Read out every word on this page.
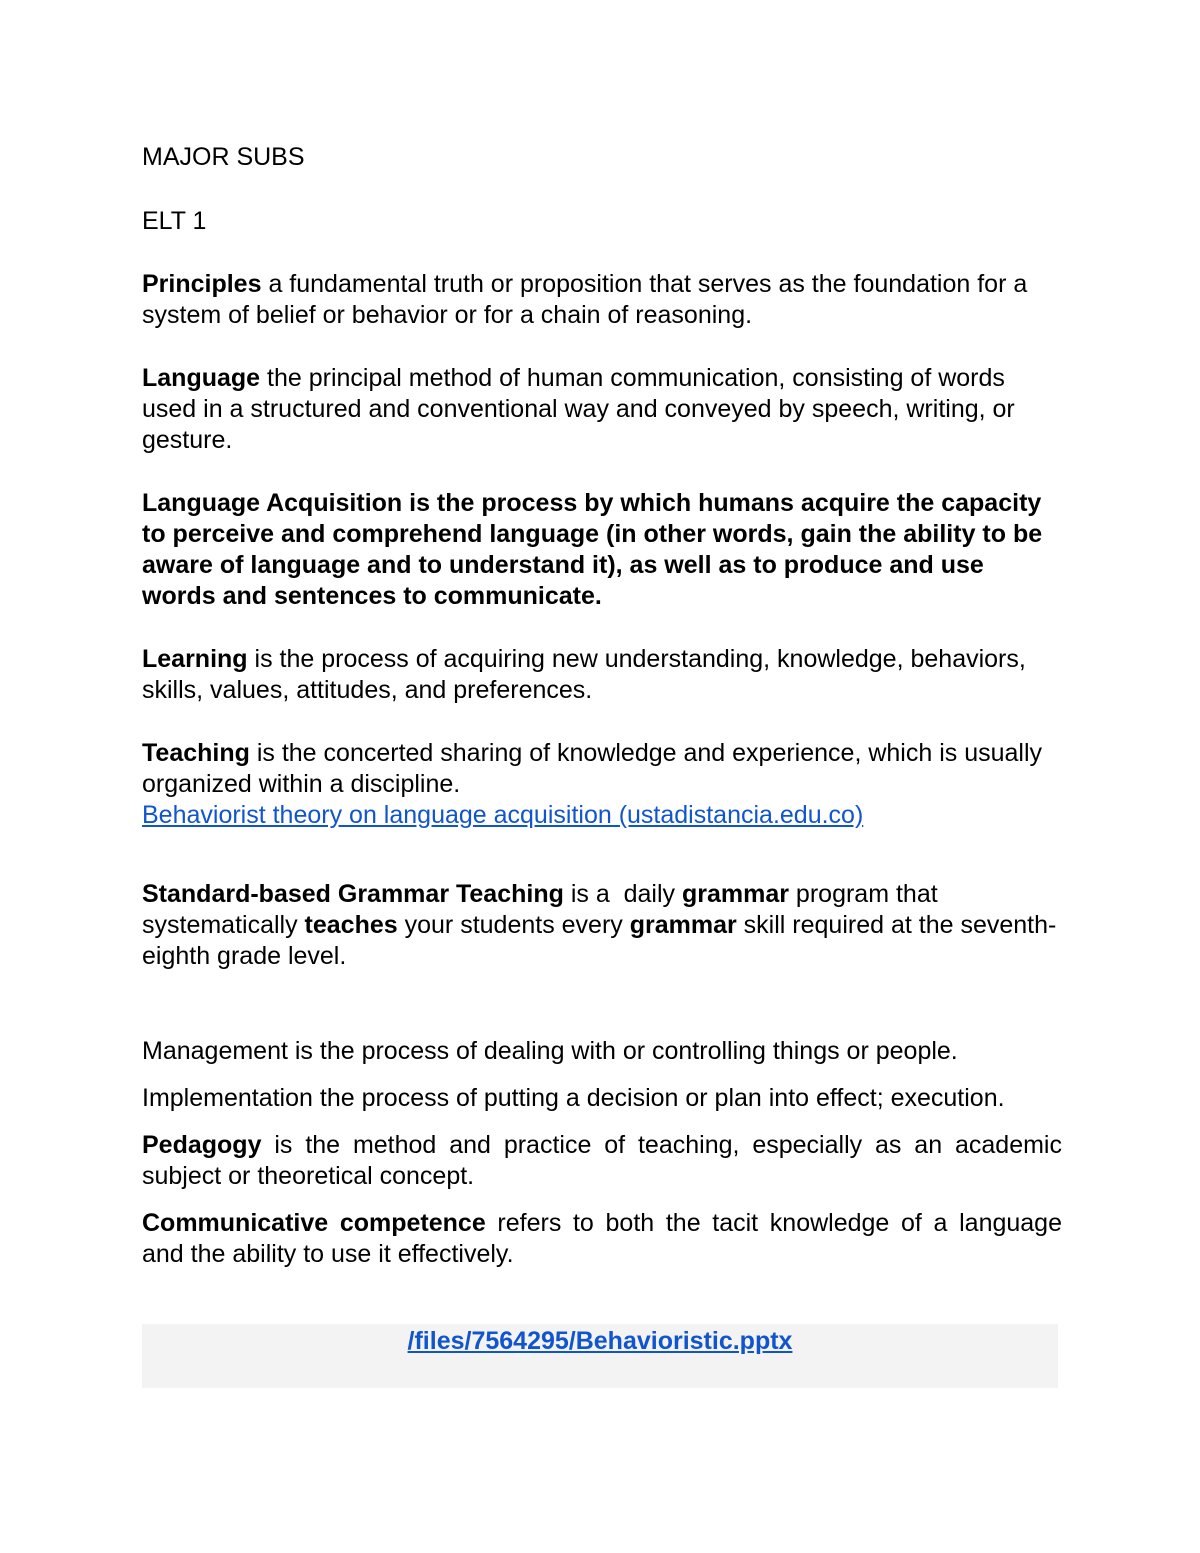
MAJOR SUBS

ELT 1

Principles a fundamental truth or proposition that serves as the foundation for a system of belief or behavior or for a chain of reasoning.

Language the principal method of human communication, consisting of words used in a structured and conventional way and conveyed by speech, writing, or gesture.

Language Acquisition is the process by which humans acquire the capacity to perceive and comprehend language (in other words, gain the ability to be aware of language and to understand it), as well as to produce and use words and sentences to communicate.

Learning is the process of acquiring new understanding, knowledge, behaviors, skills, values, attitudes, and preferences.

Teaching is the concerted sharing of knowledge and experience, which is usually organized within a discipline.

Behaviorist theory on language acquisition (ustadistancia.edu.co)

Standard-based Grammar Teaching is a  daily grammar program that systematically teaches your students every grammar skill required at the seventh-eighth grade level.

Management is the process of dealing with or controlling things or people.

Implementation the process of putting a decision or plan into effect; execution.

Pedagogy is the method and practice of teaching, especially as an academic subject or theoretical concept.

Communicative competence refers to both the tacit knowledge of a language and the ability to use it effectively.

/files/7564295/Behavioristic.pptx
